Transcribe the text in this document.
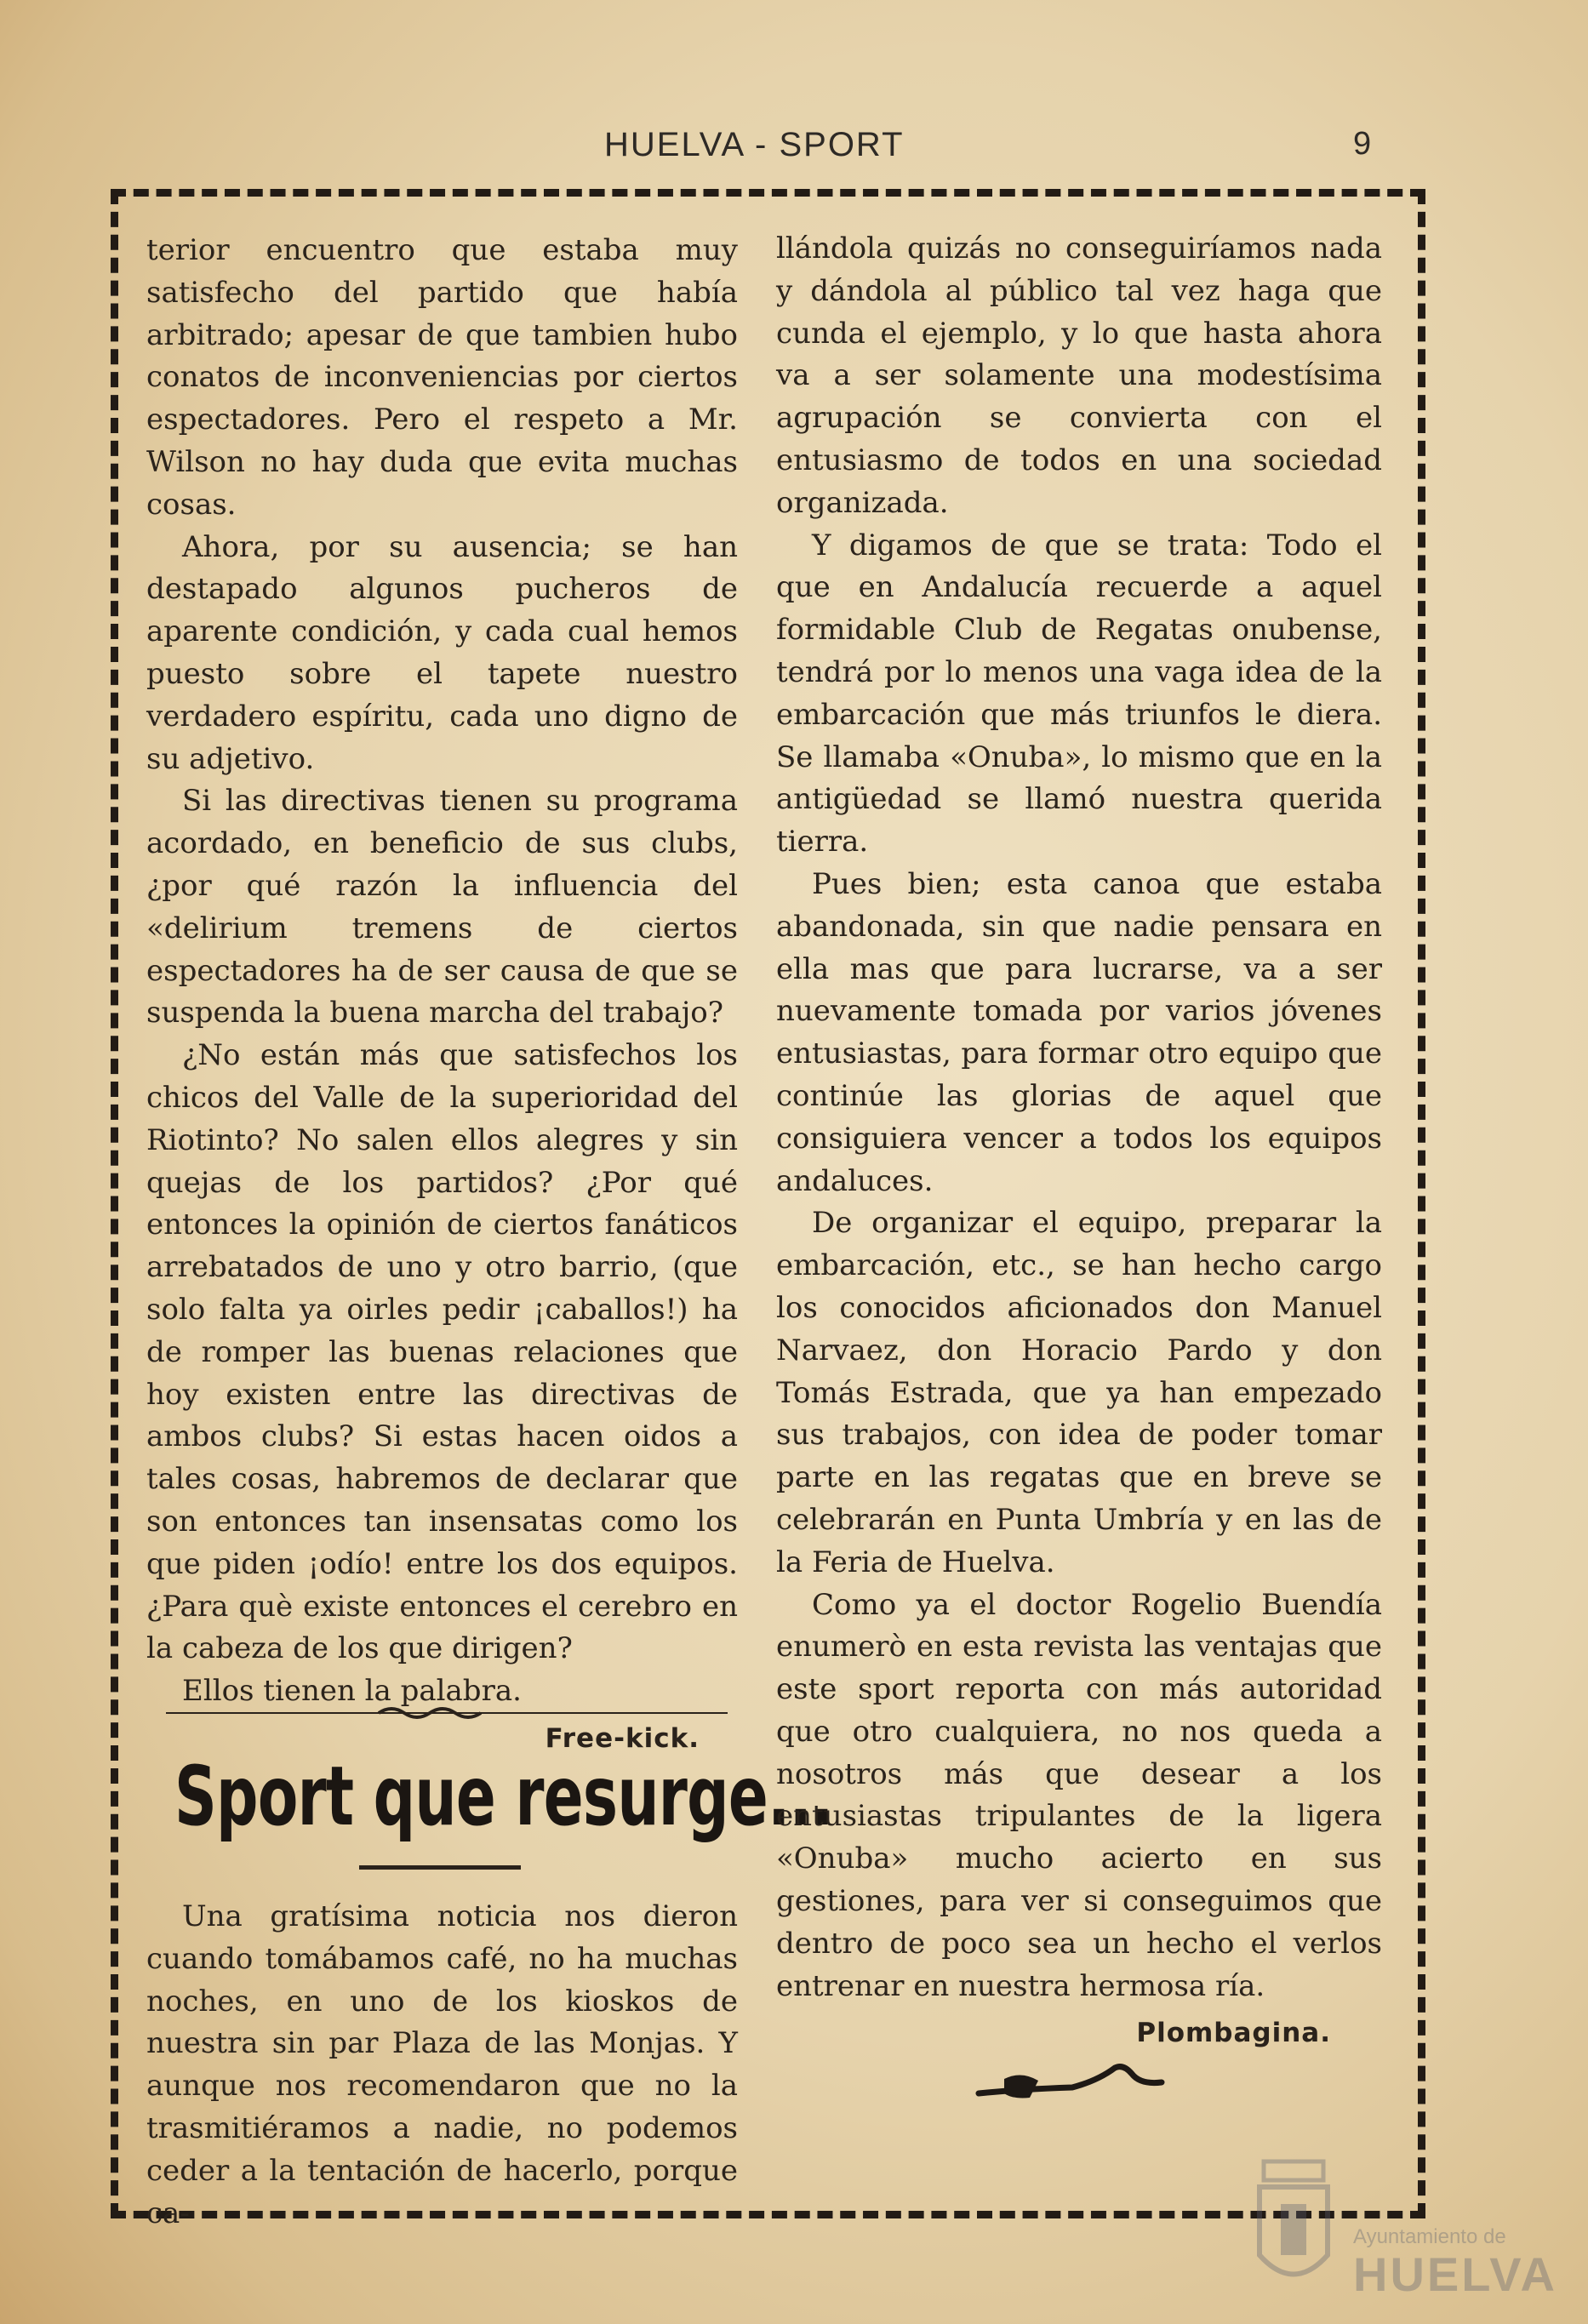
HUELVA - SPORT	9

terior encuentro que estaba muy satisfecho del partido que había arbitrado; apesar de que tambien hubo conatos de inconveniencias por ciertos espectadores. Pero el respeto a Mr. Wilson no hay duda que evita muchas cosas.

Ahora, por su ausencia; se han destapado algunos pucheros de aparente condición, y cada cual hemos puesto sobre el tapete nuestro verdadero espíritu, cada uno digno de su adjetivo.

Si las directivas tienen su programa acordado, en beneficio de sus clubs, ¿por qué razón la influencia del «delirium tremens de ciertos espectadores ha de ser causa de que se suspenda la buena marcha del trabajo?

¿No están más que satisfechos los chicos del Valle de la superioridad del Riotinto? No salen ellos alegres y sin quejas de los partidos? ¿Por qué entonces la opinión de ciertos fanáticos arrebatados de uno y otro barrio, (que solo falta ya oirles pedir ¡caballos!) ha de romper las buenas relaciones que hoy existen entre las directivas de ambos clubs? Si estas hacen oidos a tales cosas, habremos de declarar que son entonces tan insensatas como los que piden ¡odío! entre los dos equipos. ¿Para què existe entonces el cerebro en la cabeza de los que dirigen?

Ellos tienen la palabra.

Free-kick.
Sport que resurge...

Una gratísima noticia nos dieron cuando tomábamos café, no ha muchas noches, en uno de los kioskos de nuestra sin par Plaza de las Monjas. Y aunque nos recomendaron que no la trasmitiéramos a nadie, no podemos ceder a la tentación de hacerlo, porque ca-

llándola quizás no conseguiríamos nada y dándola al público tal vez haga que cunda el ejemplo, y lo que hasta ahora va a ser solamente una modestísima agrupación se convierta con el entusiasmo de todos en una sociedad organizada.

Y digamos de que se trata: Todo el que en Andalucía recuerde a aquel formidable Club de Regatas onubense, tendrá por lo menos una vaga idea de la embarcación que más triunfos le diera. Se llamaba «Onuba», lo mismo que en la antigüedad se llamó nuestra querida tierra.

Pues bien; esta canoa que estaba abandonada, sin que nadie pensara en ella mas que para lucrarse, va a ser nuevamente tomada por varios jóvenes entusiastas, para formar otro equipo que continúe las glorias de aquel que consiguiera vencer a todos los equipos andaluces.

De organizar el equipo, preparar la embarcación, etc., se han hecho cargo los conocidos aficionados don Manuel Narvaez, don Horacio Pardo y don Tomás Estrada, que ya han empezado sus trabajos, con idea de poder tomar parte en las regatas que en breve se celebrarán en Punta Umbría y en las de la Feria de Huelva.

Como ya el doctor Rogelio Buendía enumerò en esta revista las ventajas que este sport reporta con más autoridad que otro cualquiera, no nos queda a nosotros más que desear a los entusiastas tripulantes de la ligera «Onuba» mucho acierto en sus gestiones, para ver si conseguimos que dentro de poco sea un hecho el verlos entrenar en nuestra hermosa ría.

Plombagina.
Ayuntamiento de
HUELVA
